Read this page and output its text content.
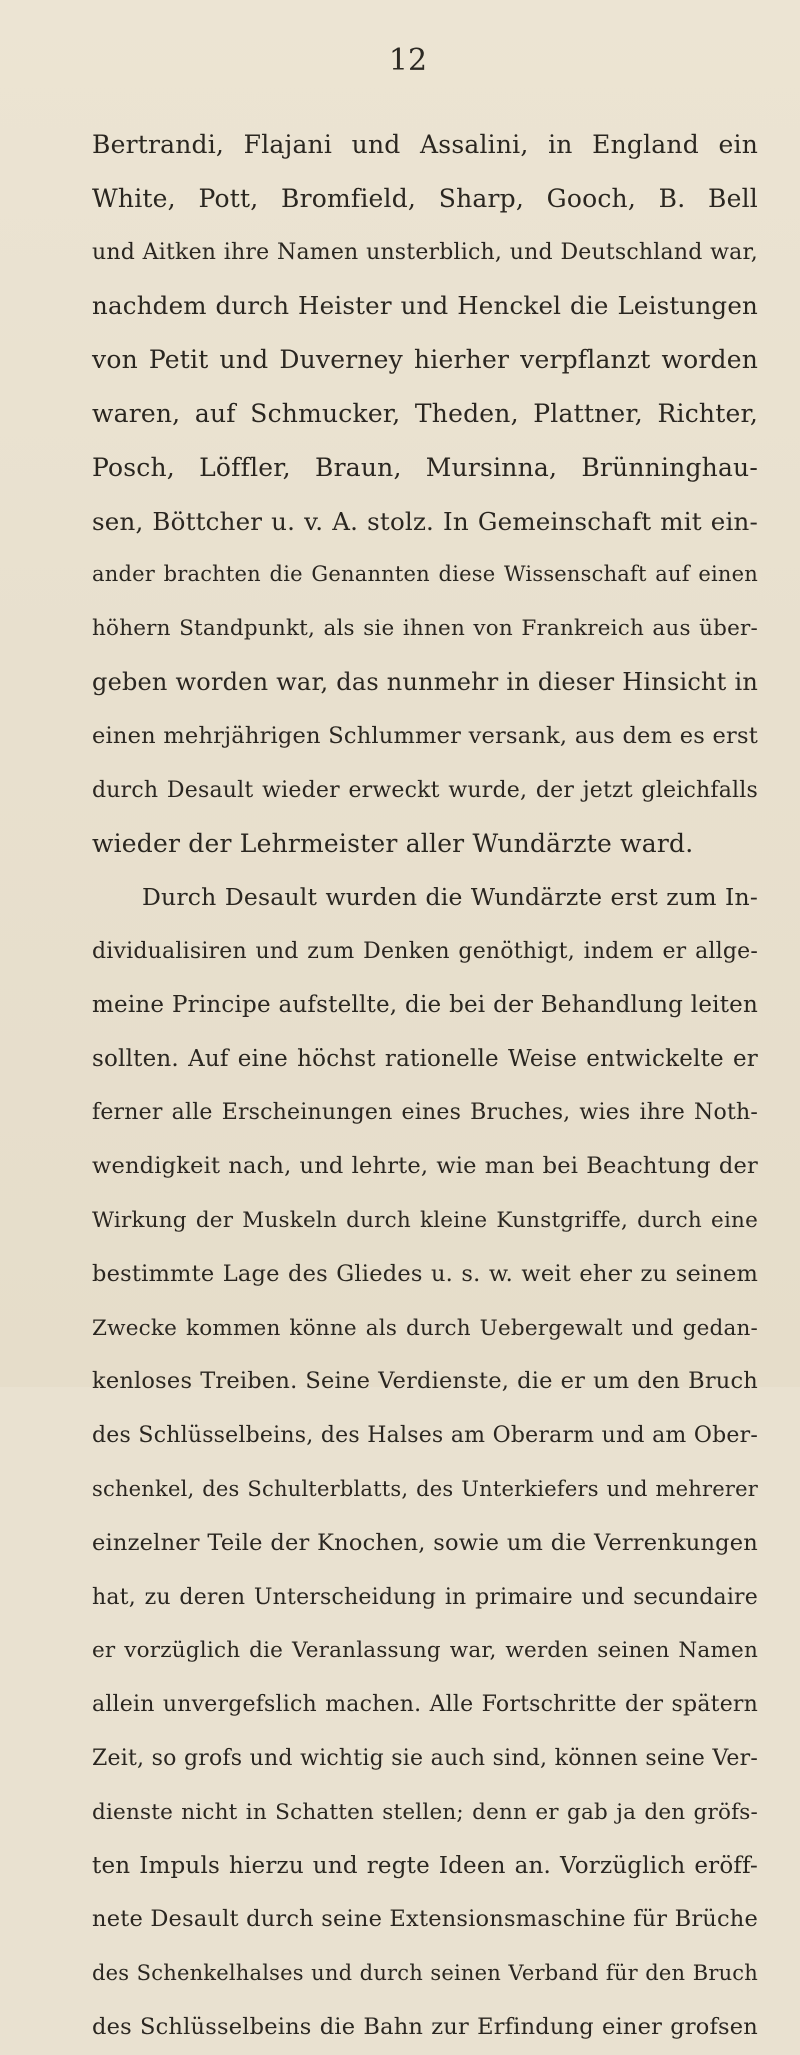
12
Bertrandi, Flajani und Assalini, in England ein
White, Pott, Bromfield, Sharp, Gooch, B. Bell
und Aitken ihre Namen unsterblich, und Deutschland war,
nachdem durch Heister und Henckel die Leistungen
von Petit und Duverney hierher verpflanzt worden
waren, auf Schmucker, Theden, Plattner, Richter,
Posch, Löffler, Braun, Mursinna, Brünninghau-
sen, Böttcher u. v. A. stolz. In Gemeinschaft mit ein-
ander brachten die Genannten diese Wissenschaft auf einen
höhern Standpunkt, als sie ihnen von Frankreich aus über-
geben worden war, das nunmehr in dieser Hinsicht in
einen mehrjährigen Schlummer versank, aus dem es erst
durch Desault wieder erweckt wurde, der jetzt gleichfalls
wieder der Lehrmeister aller Wundärzte ward.
Durch Desault wurden die Wundärzte erst zum In-
dividualisiren und zum Denken genöthigt, indem er allge-
meine Principe aufstellte, die bei der Behandlung leiten
sollten. Auf eine höchst rationelle Weise entwickelte er
ferner alle Erscheinungen eines Bruches, wies ihre Noth-
wendigkeit nach, und lehrte, wie man bei Beachtung der
Wirkung der Muskeln durch kleine Kunstgriffe, durch eine
bestimmte Lage des Gliedes u. s. w. weit eher zu seinem
Zwecke kommen könne als durch Uebergewalt und gedan-
kenloses Treiben. Seine Verdienste, die er um den Bruch
des Schlüsselbeins, des Halses am Oberarm und am Ober-
schenkel, des Schulterblatts, des Unterkiefers und mehrerer
einzelner Teile der Knochen, sowie um die Verrenkungen
hat, zu deren Unterscheidung in primaire und secundaire
er vorzüglich die Veranlassung war, werden seinen Namen
allein unvergefslich machen. Alle Fortschritte der spätern
Zeit, so grofs und wichtig sie auch sind, können seine Ver-
dienste nicht in Schatten stellen; denn er gab ja den gröfs-
ten Impuls hierzu und regte Ideen an. Vorzüglich eröff-
nete Desault durch seine Extensionsmaschine für Brüche
des Schenkelhalses und durch seinen Verband für den Bruch
des Schlüsselbeins die Bahn zur Erfindung einer grofsen
